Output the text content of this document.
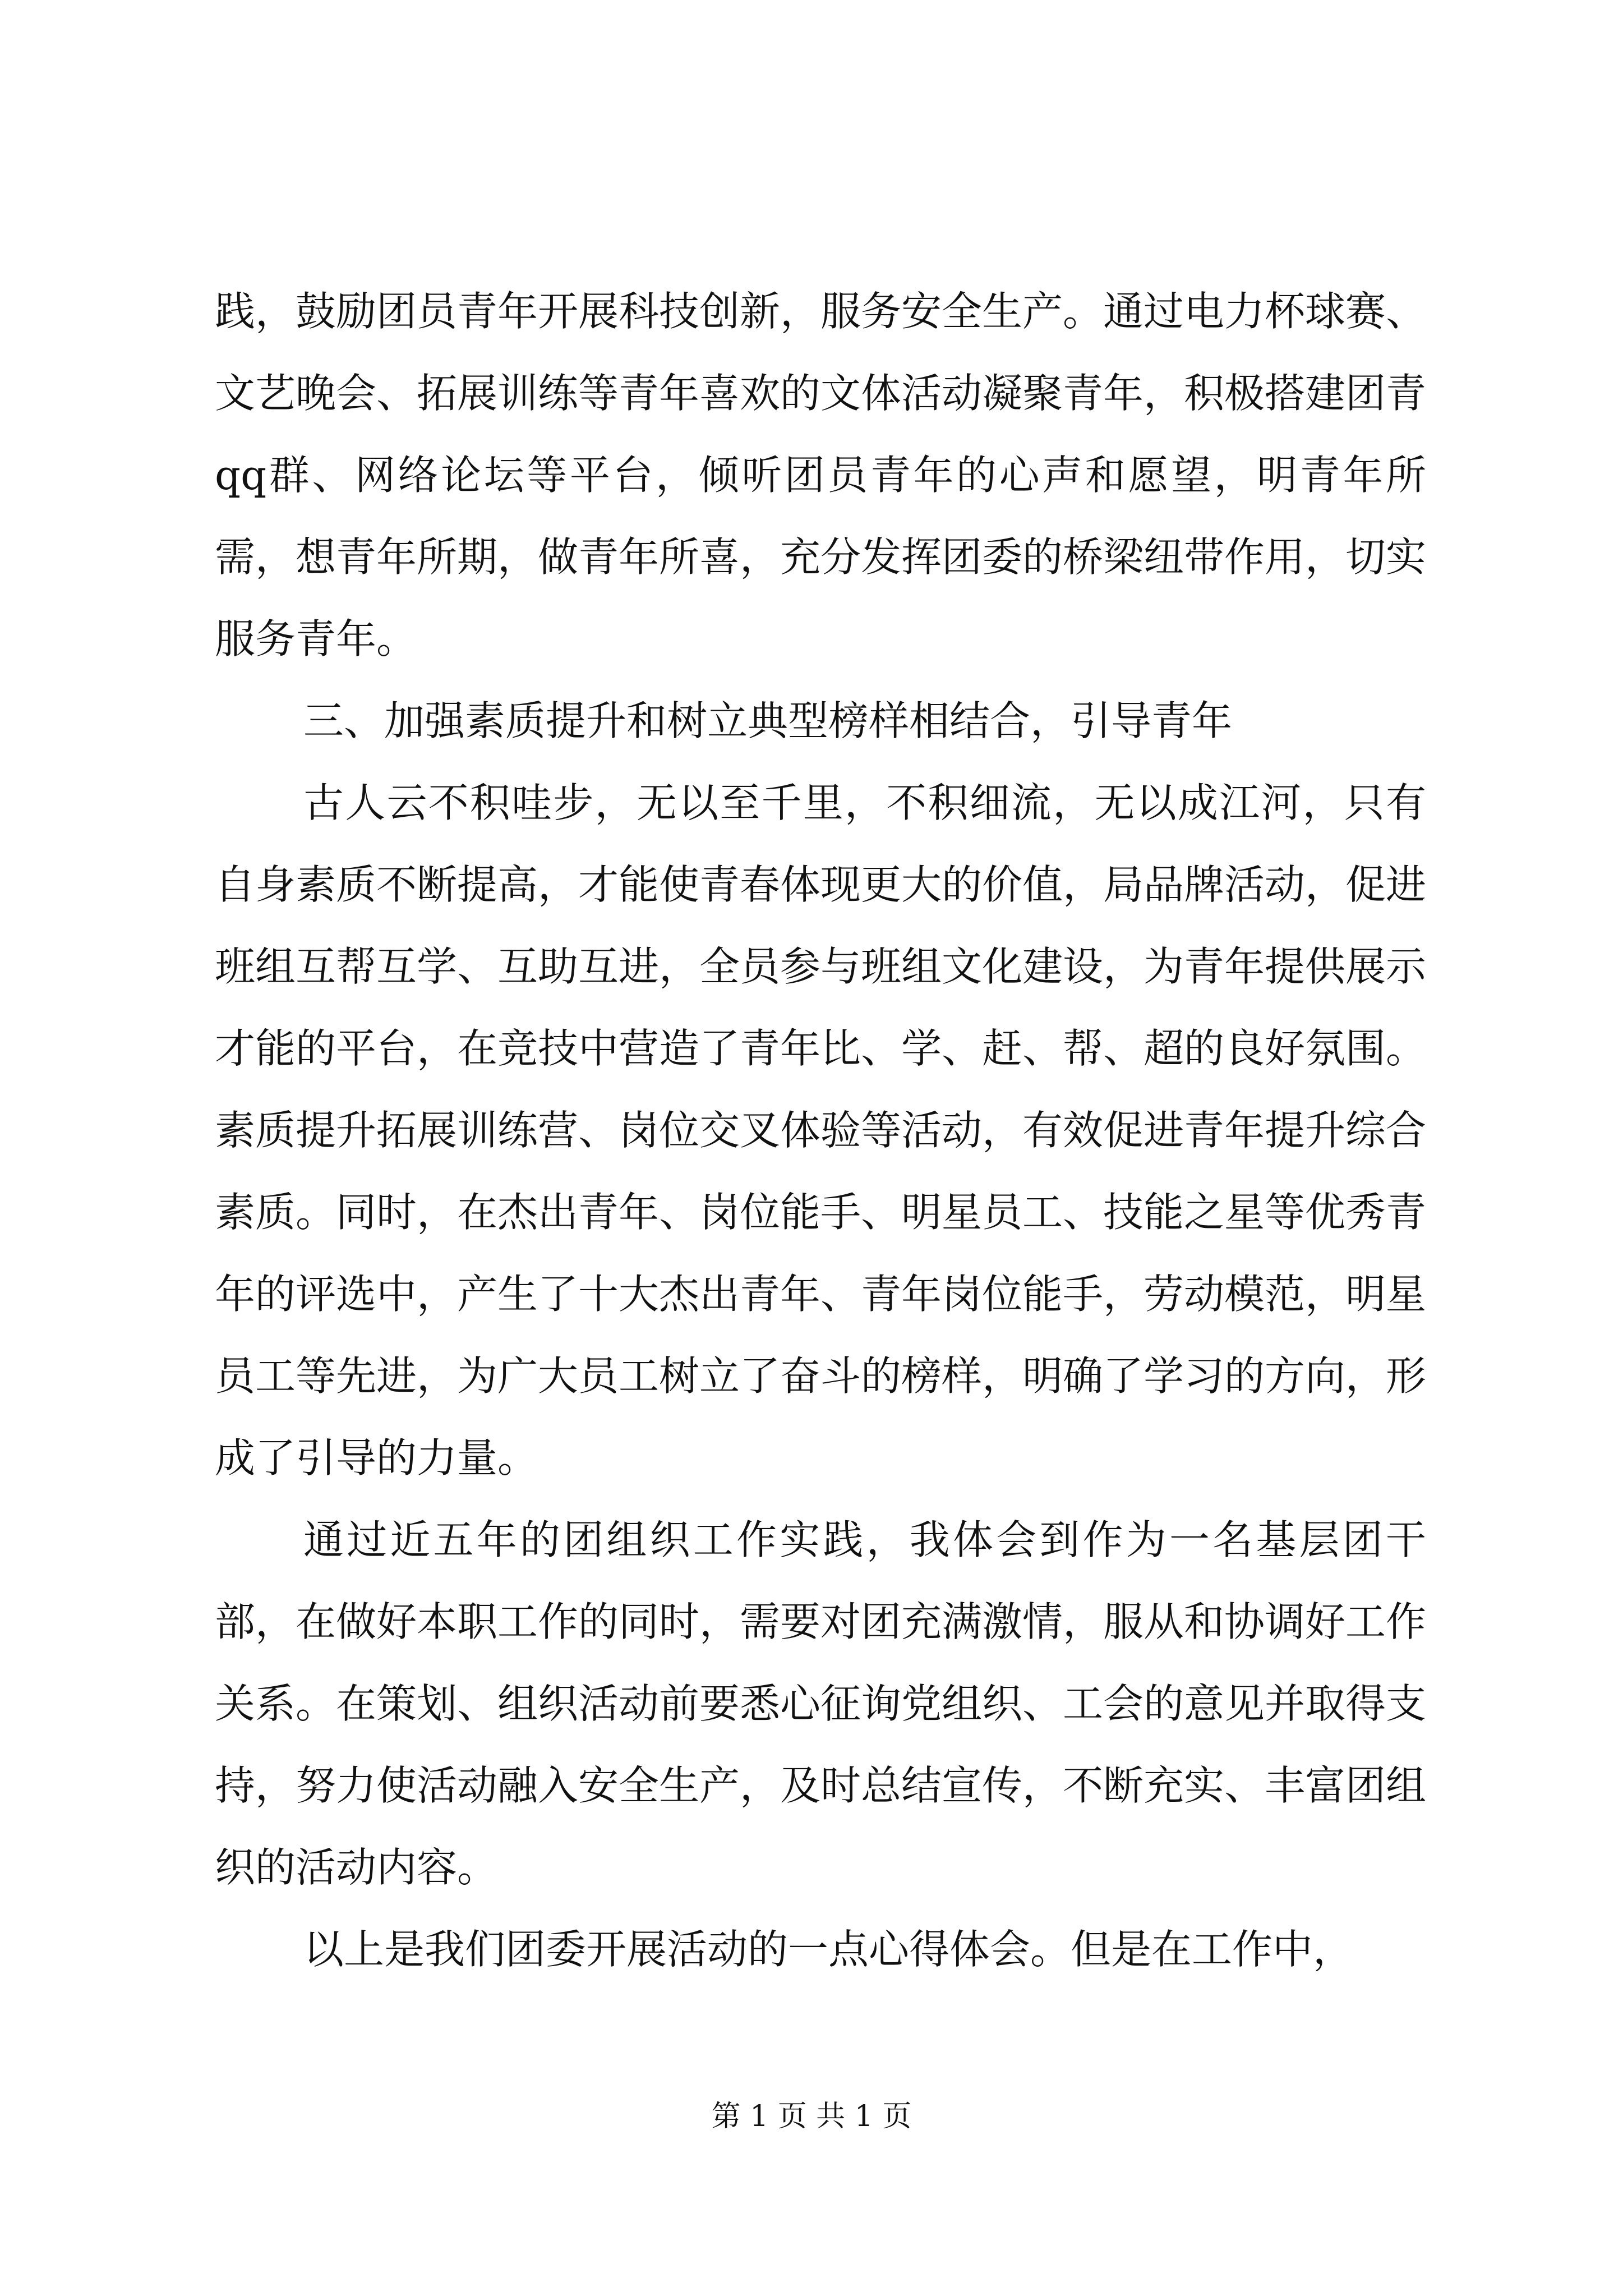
践，鼓励团员青年开展科技创新，服务安全生产。通过电力杯球赛、文艺晚会、拓展训练等青年喜欢的文体活动凝聚青年，积极搭建团青qq群、网络论坛等平台，倾听团员青年的心声和愿望，明青年所需，想青年所期，做青年所喜，充分发挥团委的桥梁纽带作用，切实服务青年。

三、加强素质提升和树立典型榜样相结合，引导青年

古人云不积哇步，无以至千里，不积细流，无以成江河，只有自身素质不断提高，才能使青春体现更大的价值，局品牌活动，促进班组互帮互学、互助互进，全员参与班组文化建设，为青年提供展示才能的平台，在竞技中营造了青年比、学、赶、帮、超的良好氛围。素质提升拓展训练营、岗位交叉体验等活动，有效促进青年提升综合素质。同时，在杰出青年、岗位能手、明星员工、技能之星等优秀青年的评选中，产生了十大杰出青年、青年岗位能手，劳动模范，明星员工等先进，为广大员工树立了奋斗的榜样，明确了学习的方向，形成了引导的力量。

通过近五年的团组织工作实践，我体会到作为一名基层团干部，在做好本职工作的同时，需要对团充满激情，服从和协调好工作关系。在策划、组织活动前要悉心征询党组织、工会的意见并取得支持，努力使活动融入安全生产，及时总结宣传，不断充实、丰富团组织的活动内容。

以上是我们团委开展活动的一点心得体会。但是在工作中，

第 1 页 共 1 页
